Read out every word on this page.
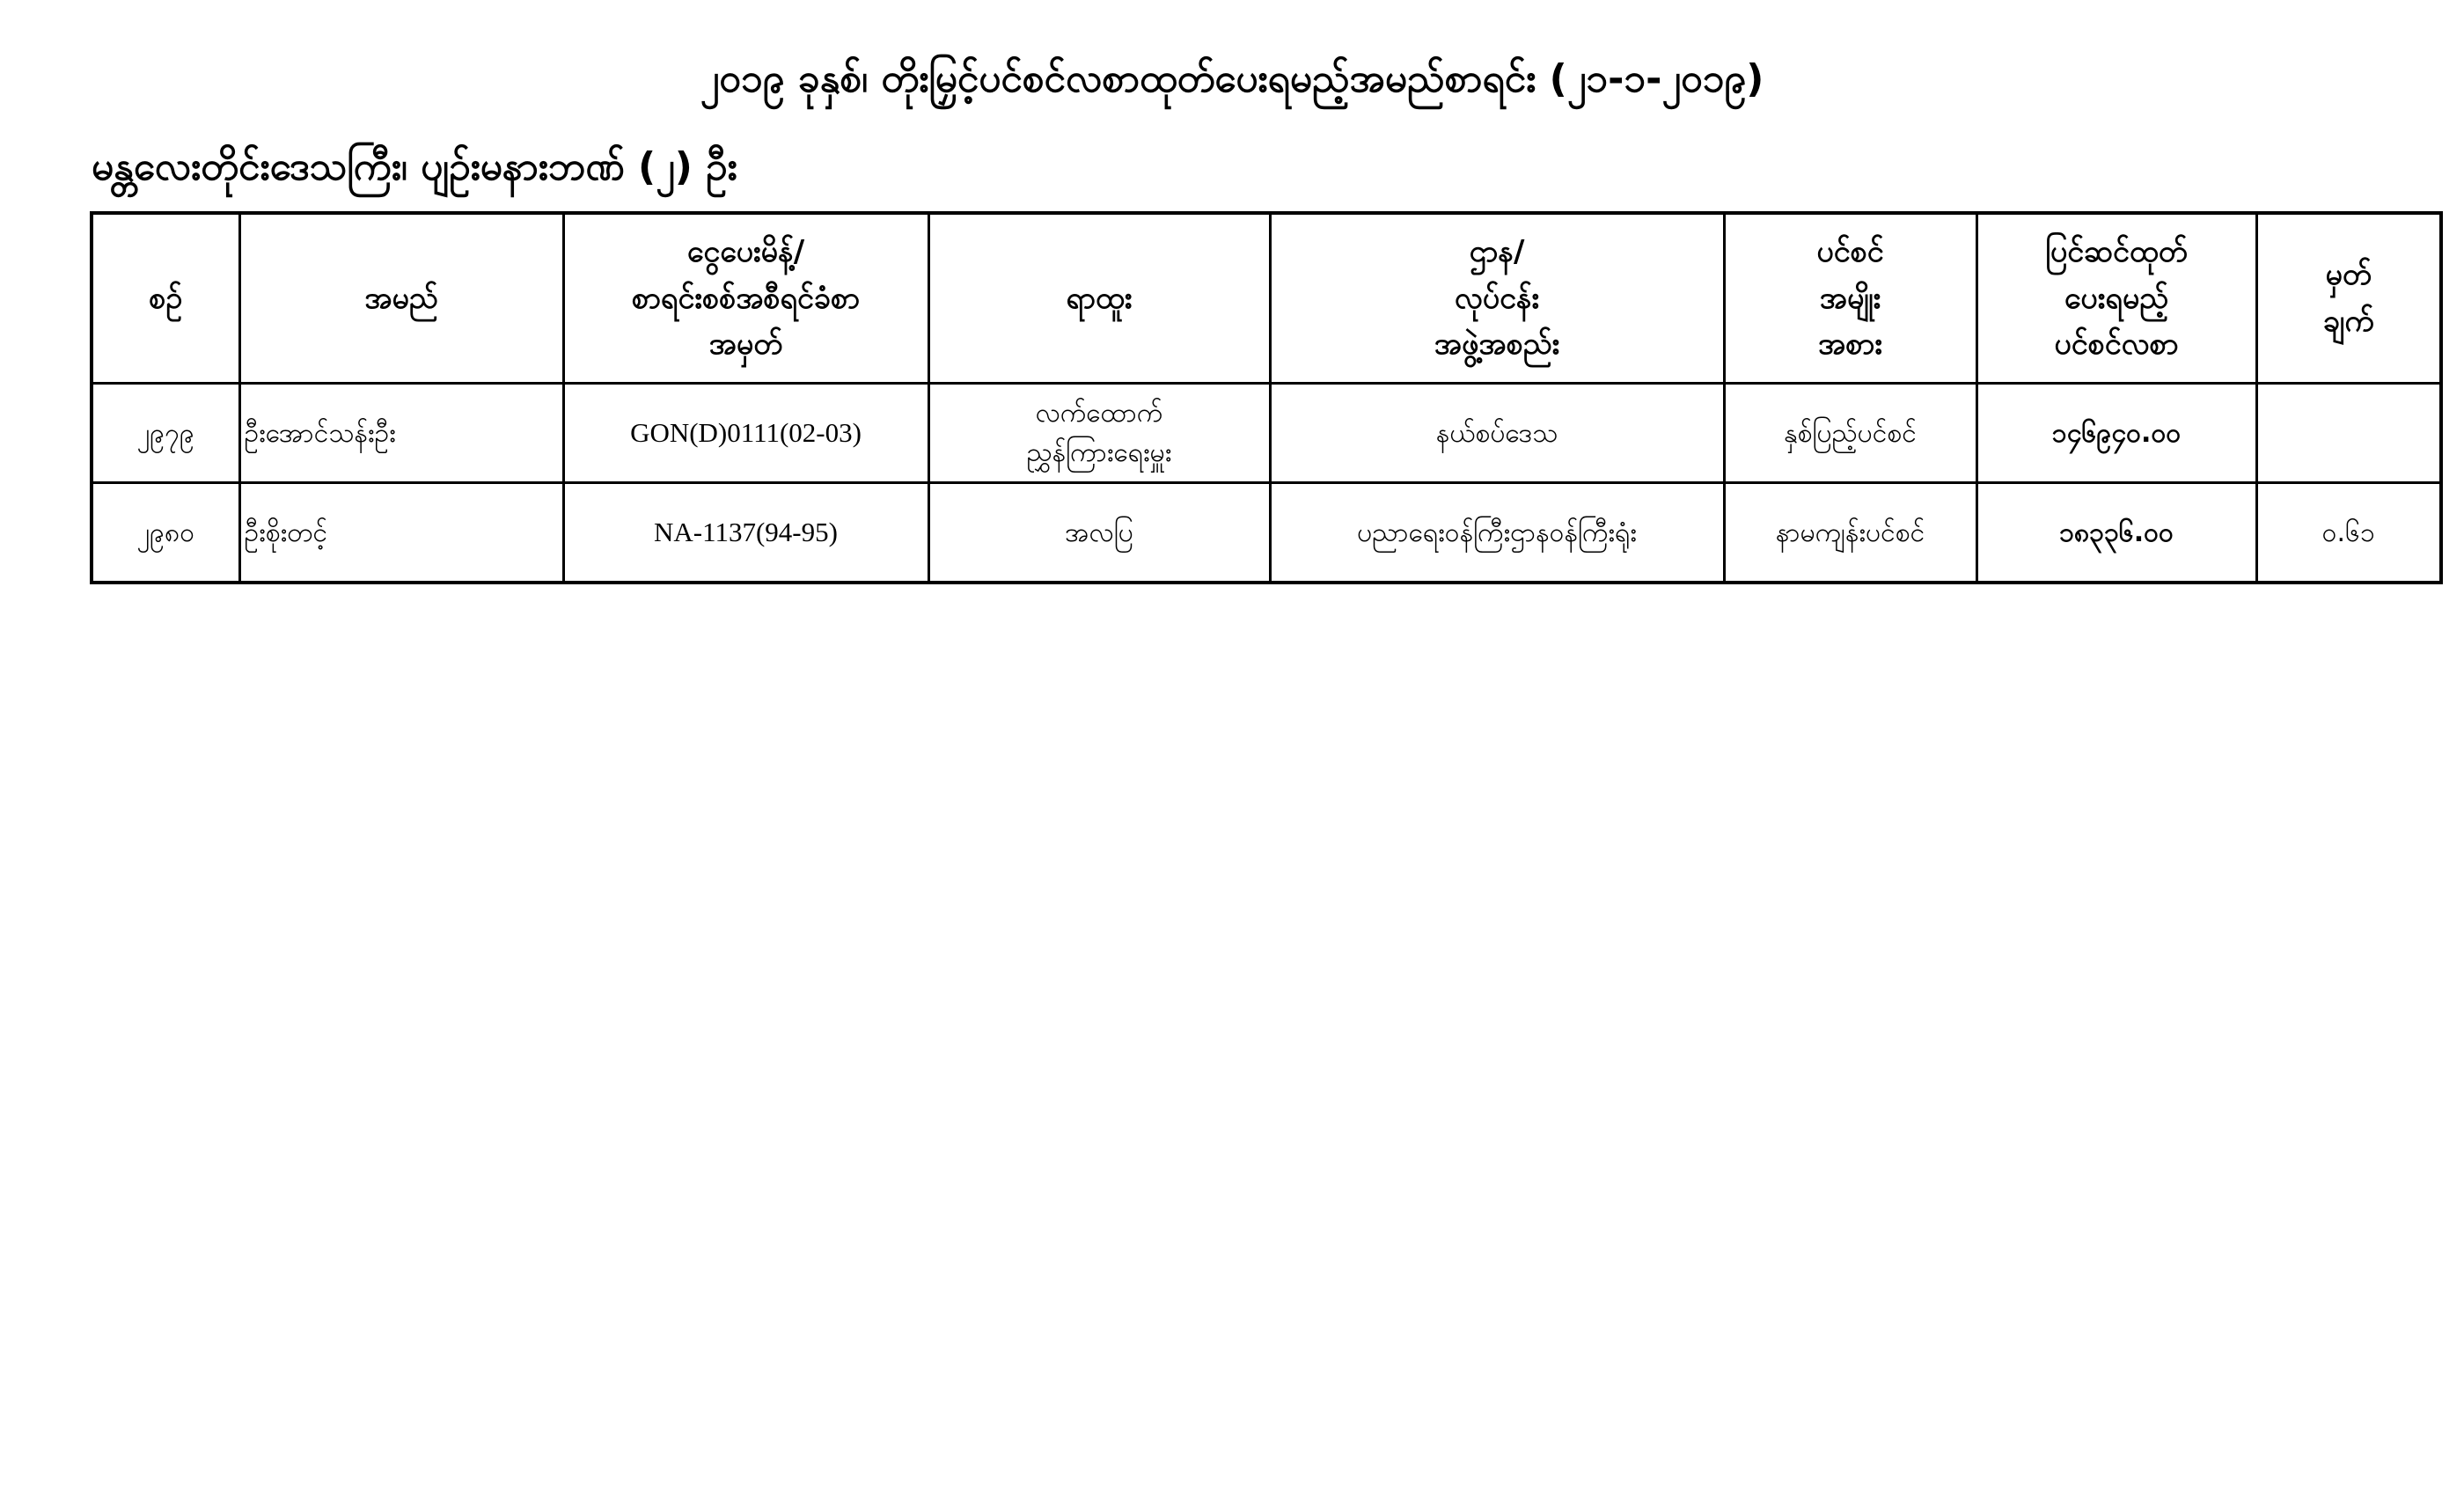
၂၀၁၉ ခုနှစ်၊ တိုးမြှင့်ပင်စင်လစာထုတ်ပေးရမည့်အမည်စာရင်း (၂၁-၁-၂၀၁၉)
မန္တလေးတိုင်းဒေသကြီး၊ ပျဉ်းမနားဘဏ် (၂) ဦး
စဉ်	အမည်	ငွေပေးမိန့်/
စာရင်းစစ်အစီရင်ခံစာ
အမှတ်	ရာထူး	ဌာန/
လုပ်ငန်း
အဖွဲ့အစည်း	ပင်စင်
အမျိုး
အစား	ပြင်ဆင်ထုတ်
ပေးရမည့်
ပင်စင်လစာ	မှတ်
ချက်

၂၉၇၉	ဦးအောင်သန်းဦး	GON(D)0111(02-03)	လက်ထောက်
ညွှန်ကြားရေးမှူး	နယ်စပ်ဒေသ	နှစ်ပြည့်ပင်စင်	၁၄၆၉၄၀.၀၀	
၂၉၈၀	ဦးစိုးတင့်	NA-1137(94-95)	အလပြ	ပညာရေးဝန်ကြီးဌာနဝန်ကြီးရုံး	နာမကျန်းပင်စင်	၁၈၃၃၆.၀၀	၀.၆၁
